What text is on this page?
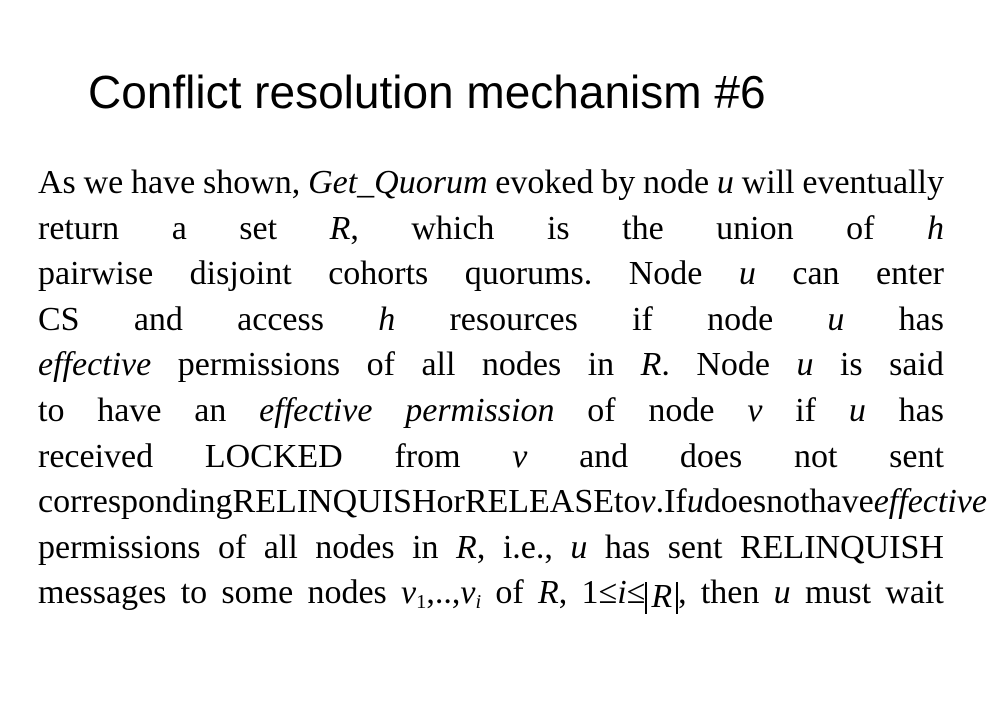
Conflict resolution mechanism #6
As we have shown, Get_Quorum evoked by node u will eventually
return a set R, which is the union of h
pairwise disjoint cohorts quorums. Node u can enter
CS and access h resources if node u has
effective permissions of all nodes in R. Node u is said
to have an effective permission of node v if u has
received LOCKED from v and does not sent
corresponding RELINQUISH or RELEASE to v. If u does not have effective
permissions of all nodes in R, i.e., u has sent RELINQUISH
messages to some nodes $v_1,..,v_i$ of R, 1≤i≤ R , then u must wait
